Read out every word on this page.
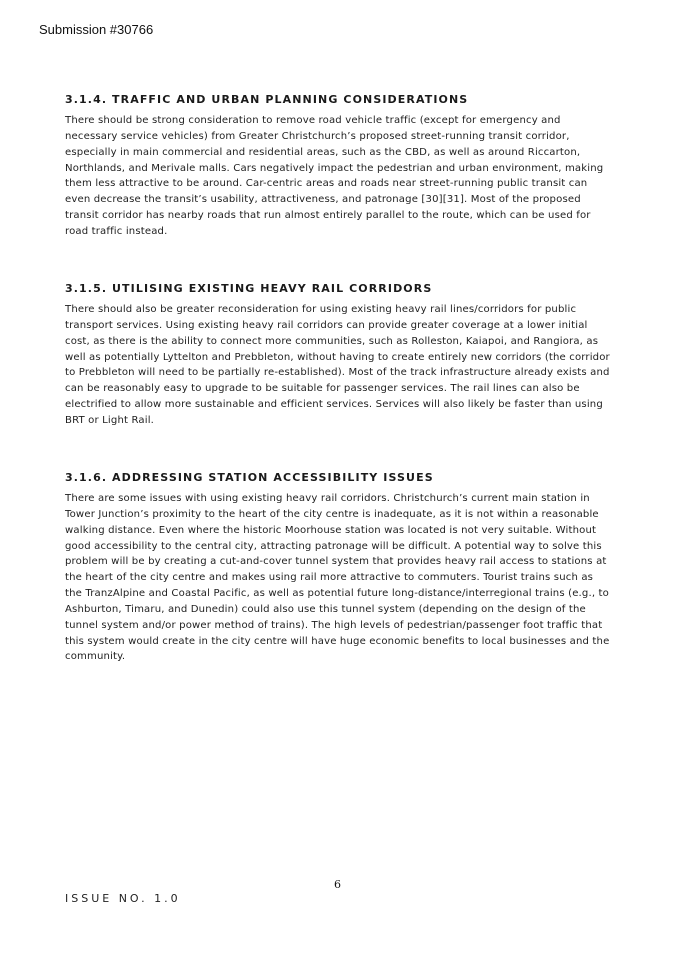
Submission #30766
3.1.4. TRAFFIC AND URBAN PLANNING CONSIDERATIONS

There should be strong consideration to remove road vehicle traffic (except for emergency and necessary service vehicles) from Greater Christchurch’s proposed street-running transit corridor, especially in main commercial and residential areas, such as the CBD, as well as around Riccarton, Northlands, and Merivale malls. Cars negatively impact the pedestrian and urban environment, making them less attractive to be around. Car-centric areas and roads near street-running public transit can even decrease the transit’s usability, attractiveness, and patronage [30][31]. Most of the proposed transit corridor has nearby roads that run almost entirely parallel to the route, which can be used for road traffic instead.

3.1.5. UTILISING EXISTING HEAVY RAIL CORRIDORS

There should also be greater reconsideration for using existing heavy rail lines/corridors for public transport services. Using existing heavy rail corridors can provide greater coverage at a lower initial cost, as there is the ability to connect more communities, such as Rolleston, Kaiapoi, and Rangiora, as well as potentially Lyttelton and Prebbleton, without having to create entirely new corridors (the corridor to Prebbleton will need to be partially re-established). Most of the track infrastructure already exists and can be reasonably easy to upgrade to be suitable for passenger services. The rail lines can also be electrified to allow more sustainable and efficient services. Services will also likely be faster than using BRT or Light Rail.

3.1.6. ADDRESSING STATION ACCESSIBILITY ISSUES

There are some issues with using existing heavy rail corridors. Christchurch’s current main station in Tower Junction’s proximity to the heart of the city centre is inadequate, as it is not within a reasonable walking distance. Even where the historic Moorhouse station was located is not very suitable. Without good accessibility to the central city, attracting patronage will be difficult. A potential way to solve this problem will be by creating a cut-and-cover tunnel system that provides heavy rail access to stations at the heart of the city centre and makes using rail more attractive to commuters. Tourist trains such as the TranzAlpine and Coastal Pacific, as well as potential future long-distance/interregional trains (e.g., to Ashburton, Timaru, and Dunedin) could also use this tunnel system (depending on the design of the tunnel system and/or power method of trains). The high levels of pedestrian/passenger foot traffic that this system would create in the city centre will have huge economic benefits to local businesses and the community.

6
ISSUE NO. 1.0
